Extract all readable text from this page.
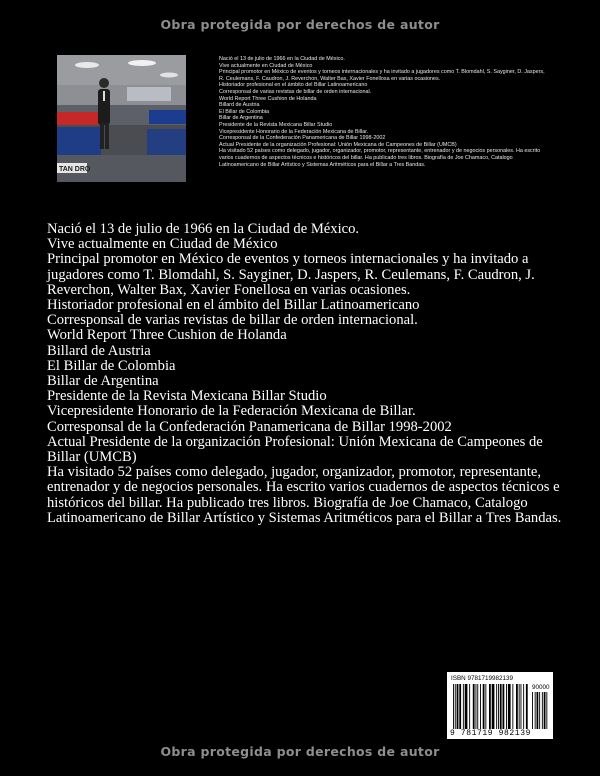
Obra protegida por derechos de autor
TAN DRO
Nació el 13 de julio de 1966 en la Ciudad de México.
Vive actualmente en Ciudad de México
Principal promotor en México de eventos y torneos internacionales y ha invitado a jugadores como T. Blomdahl, S. Sayginer, D. Jaspers, R. Ceulemans, F. Caudron, J. Reverchon, Walter Bax, Xavier Fonellosa en varias ocasiones.
Historiador profesional en el ámbito del Billar Latinoamericano
Corresponsal de varias revistas de billar de orden internacional.
World Report Three Cushion de Holanda
Billard de Austria
El Billar de Colombia
Billar de Argentina
Presidente de la Revista Mexicana Billar Studio
Vicepresidente Honorario de la Federación Mexicana de Billar.
Corresponsal de la Confederación Panamericana de Billar 1998-2002
Actual Presidente de la organización Profesional: Unión Mexicana de Campeones de Billar (UMCB)
Ha visitado 52 países como delegado, jugador, organizador, promotor, representante, entrenador y de negocios personales. Ha escrito varios cuadernos de aspectos técnicos e históricos del billar. Ha publicado tres libros. Biografía de Joe Chamaco, Catalogo Latinoamericano de Billar Artístico y Sistemas Aritméticos para el Billar a Tres Bandas.
Nació el 13 de julio de 1966 en la Ciudad de México.
Vive actualmente en Ciudad de México
Principal promotor en México de eventos y torneos internacionales y ha invitado a jugadores como T. Blomdahl, S. Sayginer, D. Jaspers, R. Ceulemans, F. Caudron, J. Reverchon, Walter Bax, Xavier Fonellosa en varias ocasiones.
Historiador profesional en el ámbito del Billar Latinoamericano
Corresponsal de varias revistas de billar de orden internacional.
World Report Three Cushion de Holanda
Billard de Austria
El Billar de Colombia
Billar de Argentina
Presidente de la Revista Mexicana Billar Studio
Vicepresidente Honorario de la Federación Mexicana de Billar.
Corresponsal de la Confederación Panamericana de Billar 1998-2002
Actual Presidente de la organización Profesional: Unión Mexicana de Campeones de Billar (UMCB)
Ha visitado 52 países como delegado, jugador, organizador, promotor, representante, entrenador y de negocios personales. Ha escrito varios cuadernos de aspectos técnicos e históricos del billar. Ha publicado tres libros. Biografía de Joe Chamaco, Catalogo Latinoamericano de Billar Artístico y Sistemas Aritméticos para el Billar a Tres Bandas.
ISBN 9781719982139
90000
9 781719 982139
Obra protegida por derechos de autor
